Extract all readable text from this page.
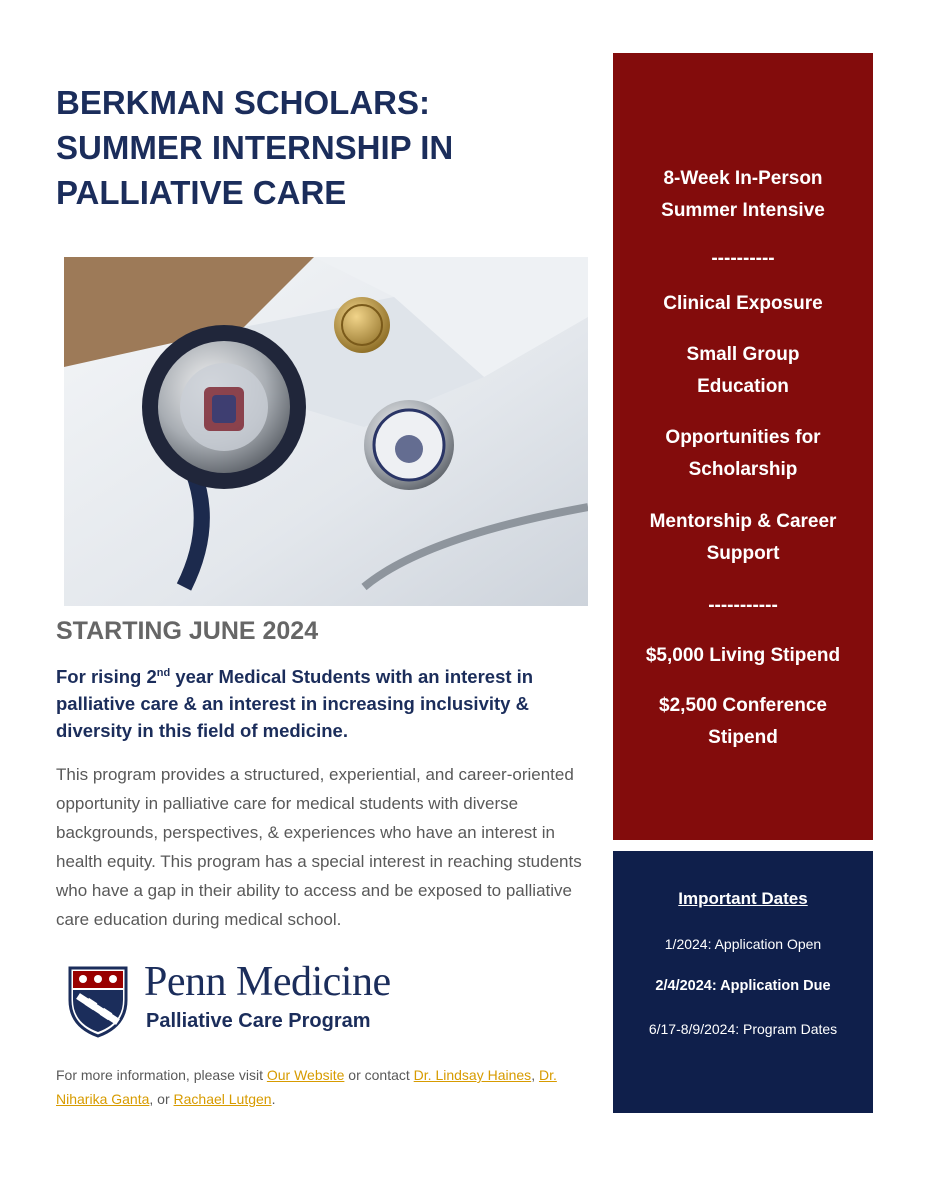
BERKMAN SCHOLARS:
SUMMER INTERNSHIP IN
PALLIATIVE CARE
STARTING JUNE 2024

For rising 2nd year Medical Students with an interest in palliative care & an interest in increasing inclusivity & diversity in this field of medicine.

This program provides a structured, experiential, and career-oriented opportunity in palliative care for medical students with diverse backgrounds, perspectives, & experiences who have an interest in health equity. This program has a special interest in reaching students who have a gap in their ability to access and be exposed to palliative care education during medical school.

Penn Medicine
Palliative Care Program

For more information, please visit Our Website or contact Dr. Lindsay Haines, Dr. Niharika Ganta, or Rachael Lutgen.

8-Week In-Person Summer Intensive

----------

Clinical Exposure

Small Group Education

Opportunities for Scholarship

Mentorship & Career Support

-----------

$5,000 Living Stipend

$2,500 Conference Stipend

Important Dates

1/2024: Application Open

2/4/2024: Application Due

6/17-8/9/2024: Program Dates
